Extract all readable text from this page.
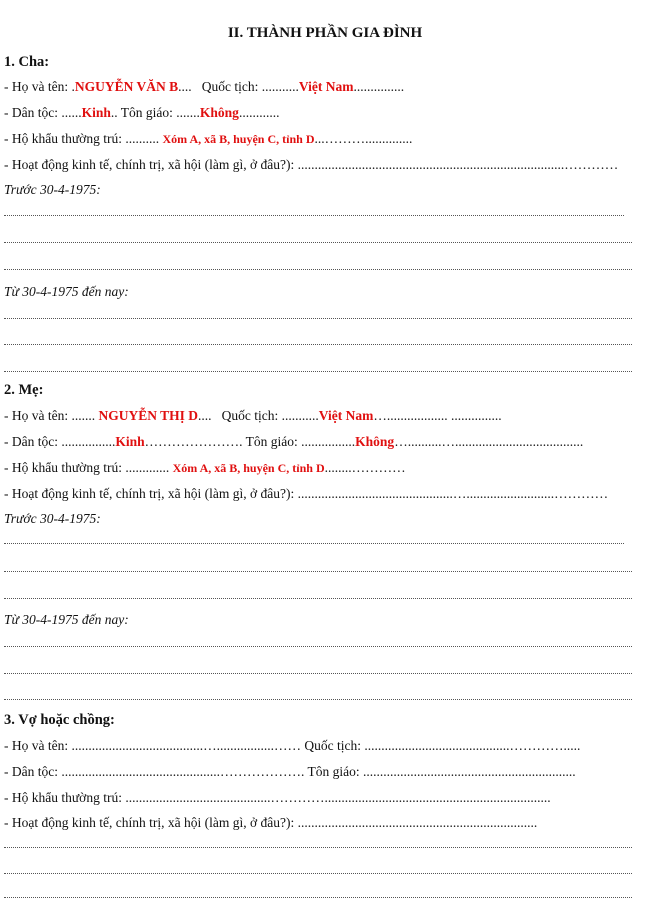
II. THÀNH PHẦN GIA ĐÌNH
1. Cha:
- Họ và tên: .NGUYỄN VĂN B.... Quốc tịch: ...........Việt Nam...............
- Dân tộc: ......Kinh.. Tôn giáo: .......Không............
- Hộ khẩu thường trú: .......... Xóm A, xã B, huyện C, tỉnh D...………..............
- Hoạt động kinh tế, chính trị, xã hội (làm gì, ở đâu?): ...............................................................................…………
Trước 30-4-1975:
Từ 30-4-1975 đến nay:
2. Mẹ:
- Họ và tên: ....... NGUYỄN THỊ D.... Quốc tịch: ...........Việt Nam….................. ...............
- Dân tộc: ................Kinh…………………. Tôn giáo: ................Không…..........…......................................
- Hộ khẩu thường trú: ............. Xóm A, xã B, huyện C, tỉnh D........…………
- Hoạt động kinh tế, chính trị, xã hội (làm gì, ở đâu?): ..............................................…..........................…………
Trước 30-4-1975:
Từ 30-4-1975 đến nay:
3. Vợ hoặc chồng:
- Họ và tên: .......................................….................…… Quốc tịch: ...........................................………….....
- Dân tộc: ...............................................………………. Tôn giáo: ...............................................................
- Hộ khẩu thường trú: ...........................................…………...................................................................
- Hoạt động kinh tế, chính trị, xã hội (làm gì, ở đâu?): .......................................................................
